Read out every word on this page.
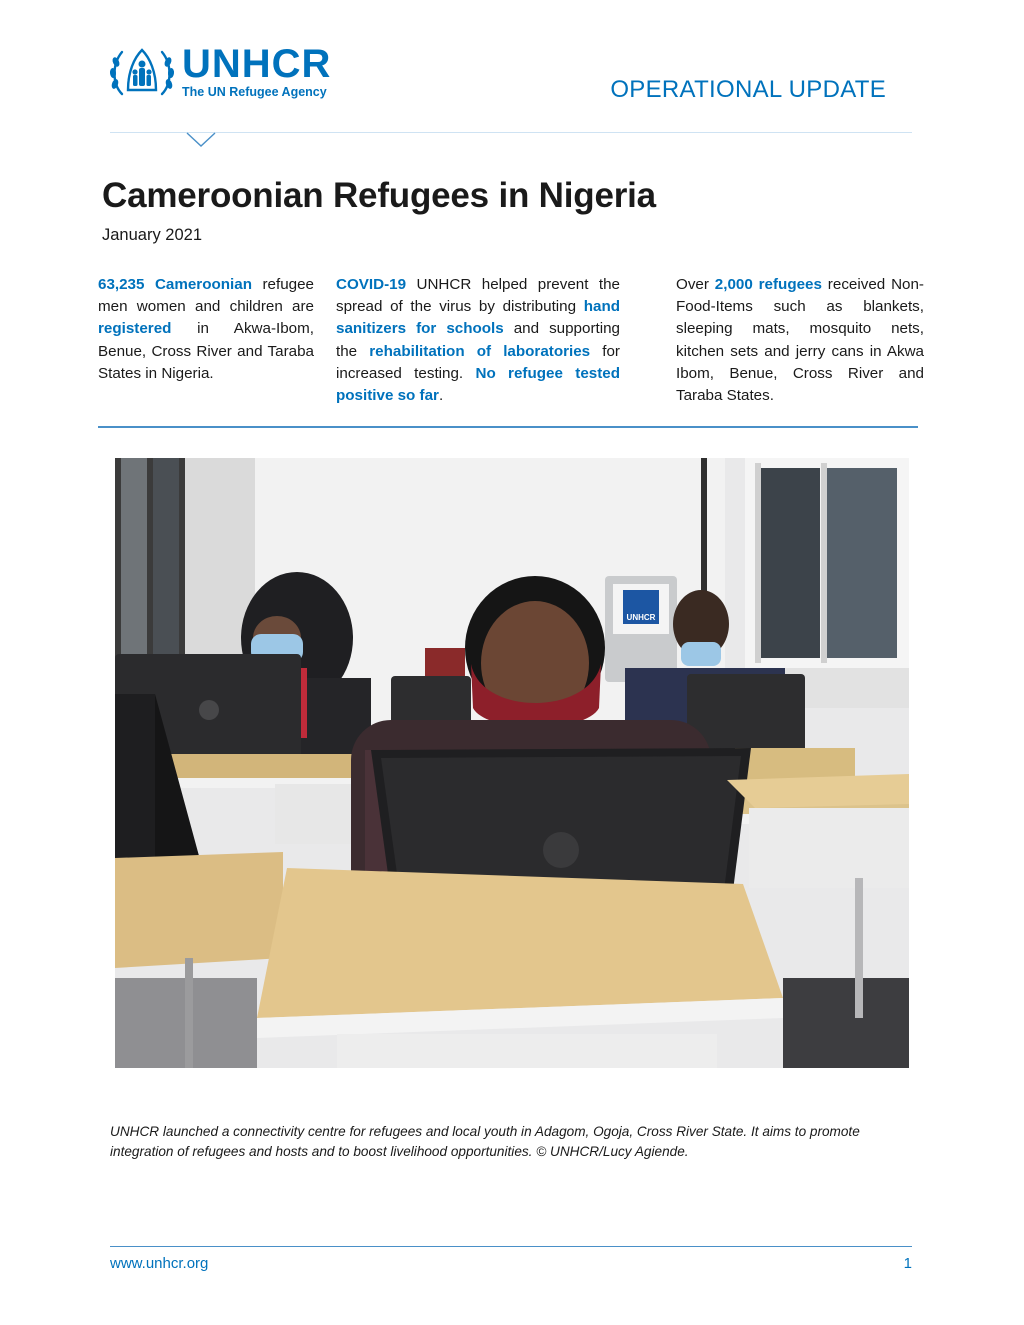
UNHCR
The UN Refugee Agency	OPERATIONAL UPDATE
Cameroonian Refugees in Nigeria
January 2021

63,235 Cameroonian refugee men women and children are registered in Akwa-Ibom, Benue, Cross River and Taraba States in Nigeria.

COVID-19 UNHCR helped prevent the spread of the virus by distributing hand sanitizers for schools and supporting the rehabilitation of laboratories for increased testing. No refugee tested positive so far.

Over 2,000 refugees received Non-Food-Items such as blankets, sleeping mats, mosquito nets, kitchen sets and jerry cans in Akwa Ibom, Benue, Cross River and Taraba States.

UNHCR

UNHCR launched a connectivity centre for refugees and local youth in Adagom, Ogoja, Cross River State. It aims to promote integration of refugees and hosts and to boost livelihood opportunities. © UNHCR/Lucy Agiende.

www.unhcr.org	1
